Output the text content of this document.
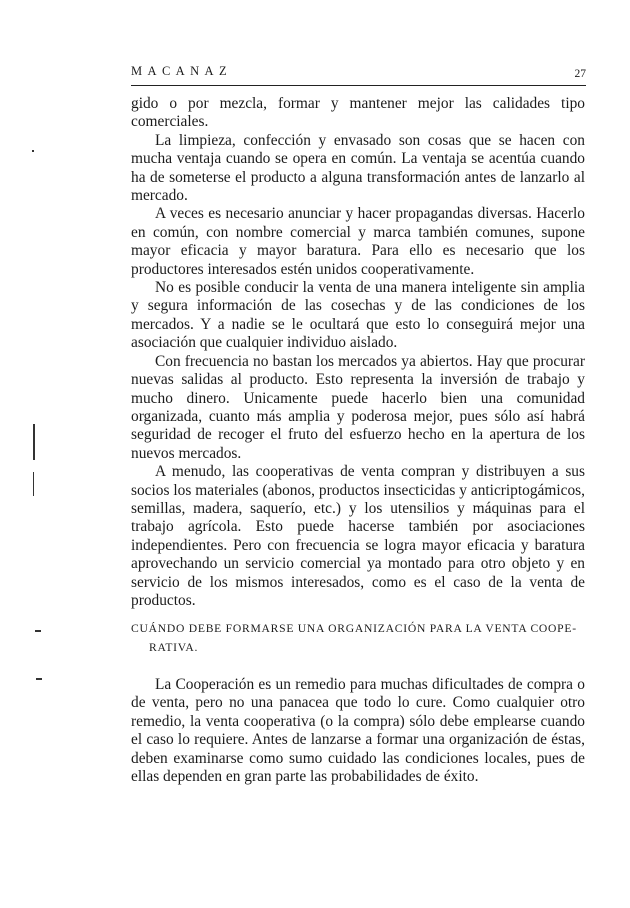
MACANAZ	27

gido o por mezcla, formar y mantener mejor las calidades tipo comerciales.

La limpieza, confección y envasado son cosas que se hacen con mucha ventaja cuando se opera en común. La ventaja se acentúa cuando ha de someterse el producto a alguna transformación antes de lanzarlo al mercado.

A veces es necesario anunciar y hacer propagandas diversas. Hacerlo en común, con nombre comercial y marca también comunes, supone mayor eficacia y mayor baratura. Para ello es necesario que los productores interesados estén unidos cooperativamente.

No es posible conducir la venta de una manera inteligente sin amplia y segura información de las cosechas y de las condiciones de los mercados. Y a nadie se le ocultará que esto lo conseguirá mejor una asociación que cualquier individuo aislado.

Con frecuencia no bastan los mercados ya abiertos. Hay que procurar nuevas salidas al producto. Esto representa la inversión de trabajo y mucho dinero. Unicamente puede hacerlo bien una comunidad organizada, cuanto más amplia y poderosa mejor, pues sólo así habrá seguridad de recoger el fruto del esfuerzo hecho en la apertura de los nuevos mercados.

A menudo, las cooperativas de venta compran y distribuyen a sus socios los materiales (abonos, productos insecticidas y anticriptogámicos, semillas, madera, saquerío, etc.) y los utensilios y máquinas para el trabajo agrícola. Esto puede hacerse también por asociaciones independientes. Pero con frecuencia se logra mayor eficacia y baratura aprovechando un servicio comercial ya montado para otro objeto y en servicio de los mismos interesados, como es el caso de la venta de productos.

CUÁNDO DEBE FORMARSE UNA ORGANIZACIÓN PARA LA VENTA COOPE-
RATIVA.

La Cooperación es un remedio para muchas dificultades de compra o de venta, pero no una panacea que todo lo cure. Como cualquier otro remedio, la venta cooperativa (o la compra) sólo debe emplearse cuando el caso lo requiere. Antes de lanzarse a formar una organización de éstas, deben examinarse como sumo cuidado las condiciones locales, pues de ellas dependen en gran parte las probabilidades de éxito.
